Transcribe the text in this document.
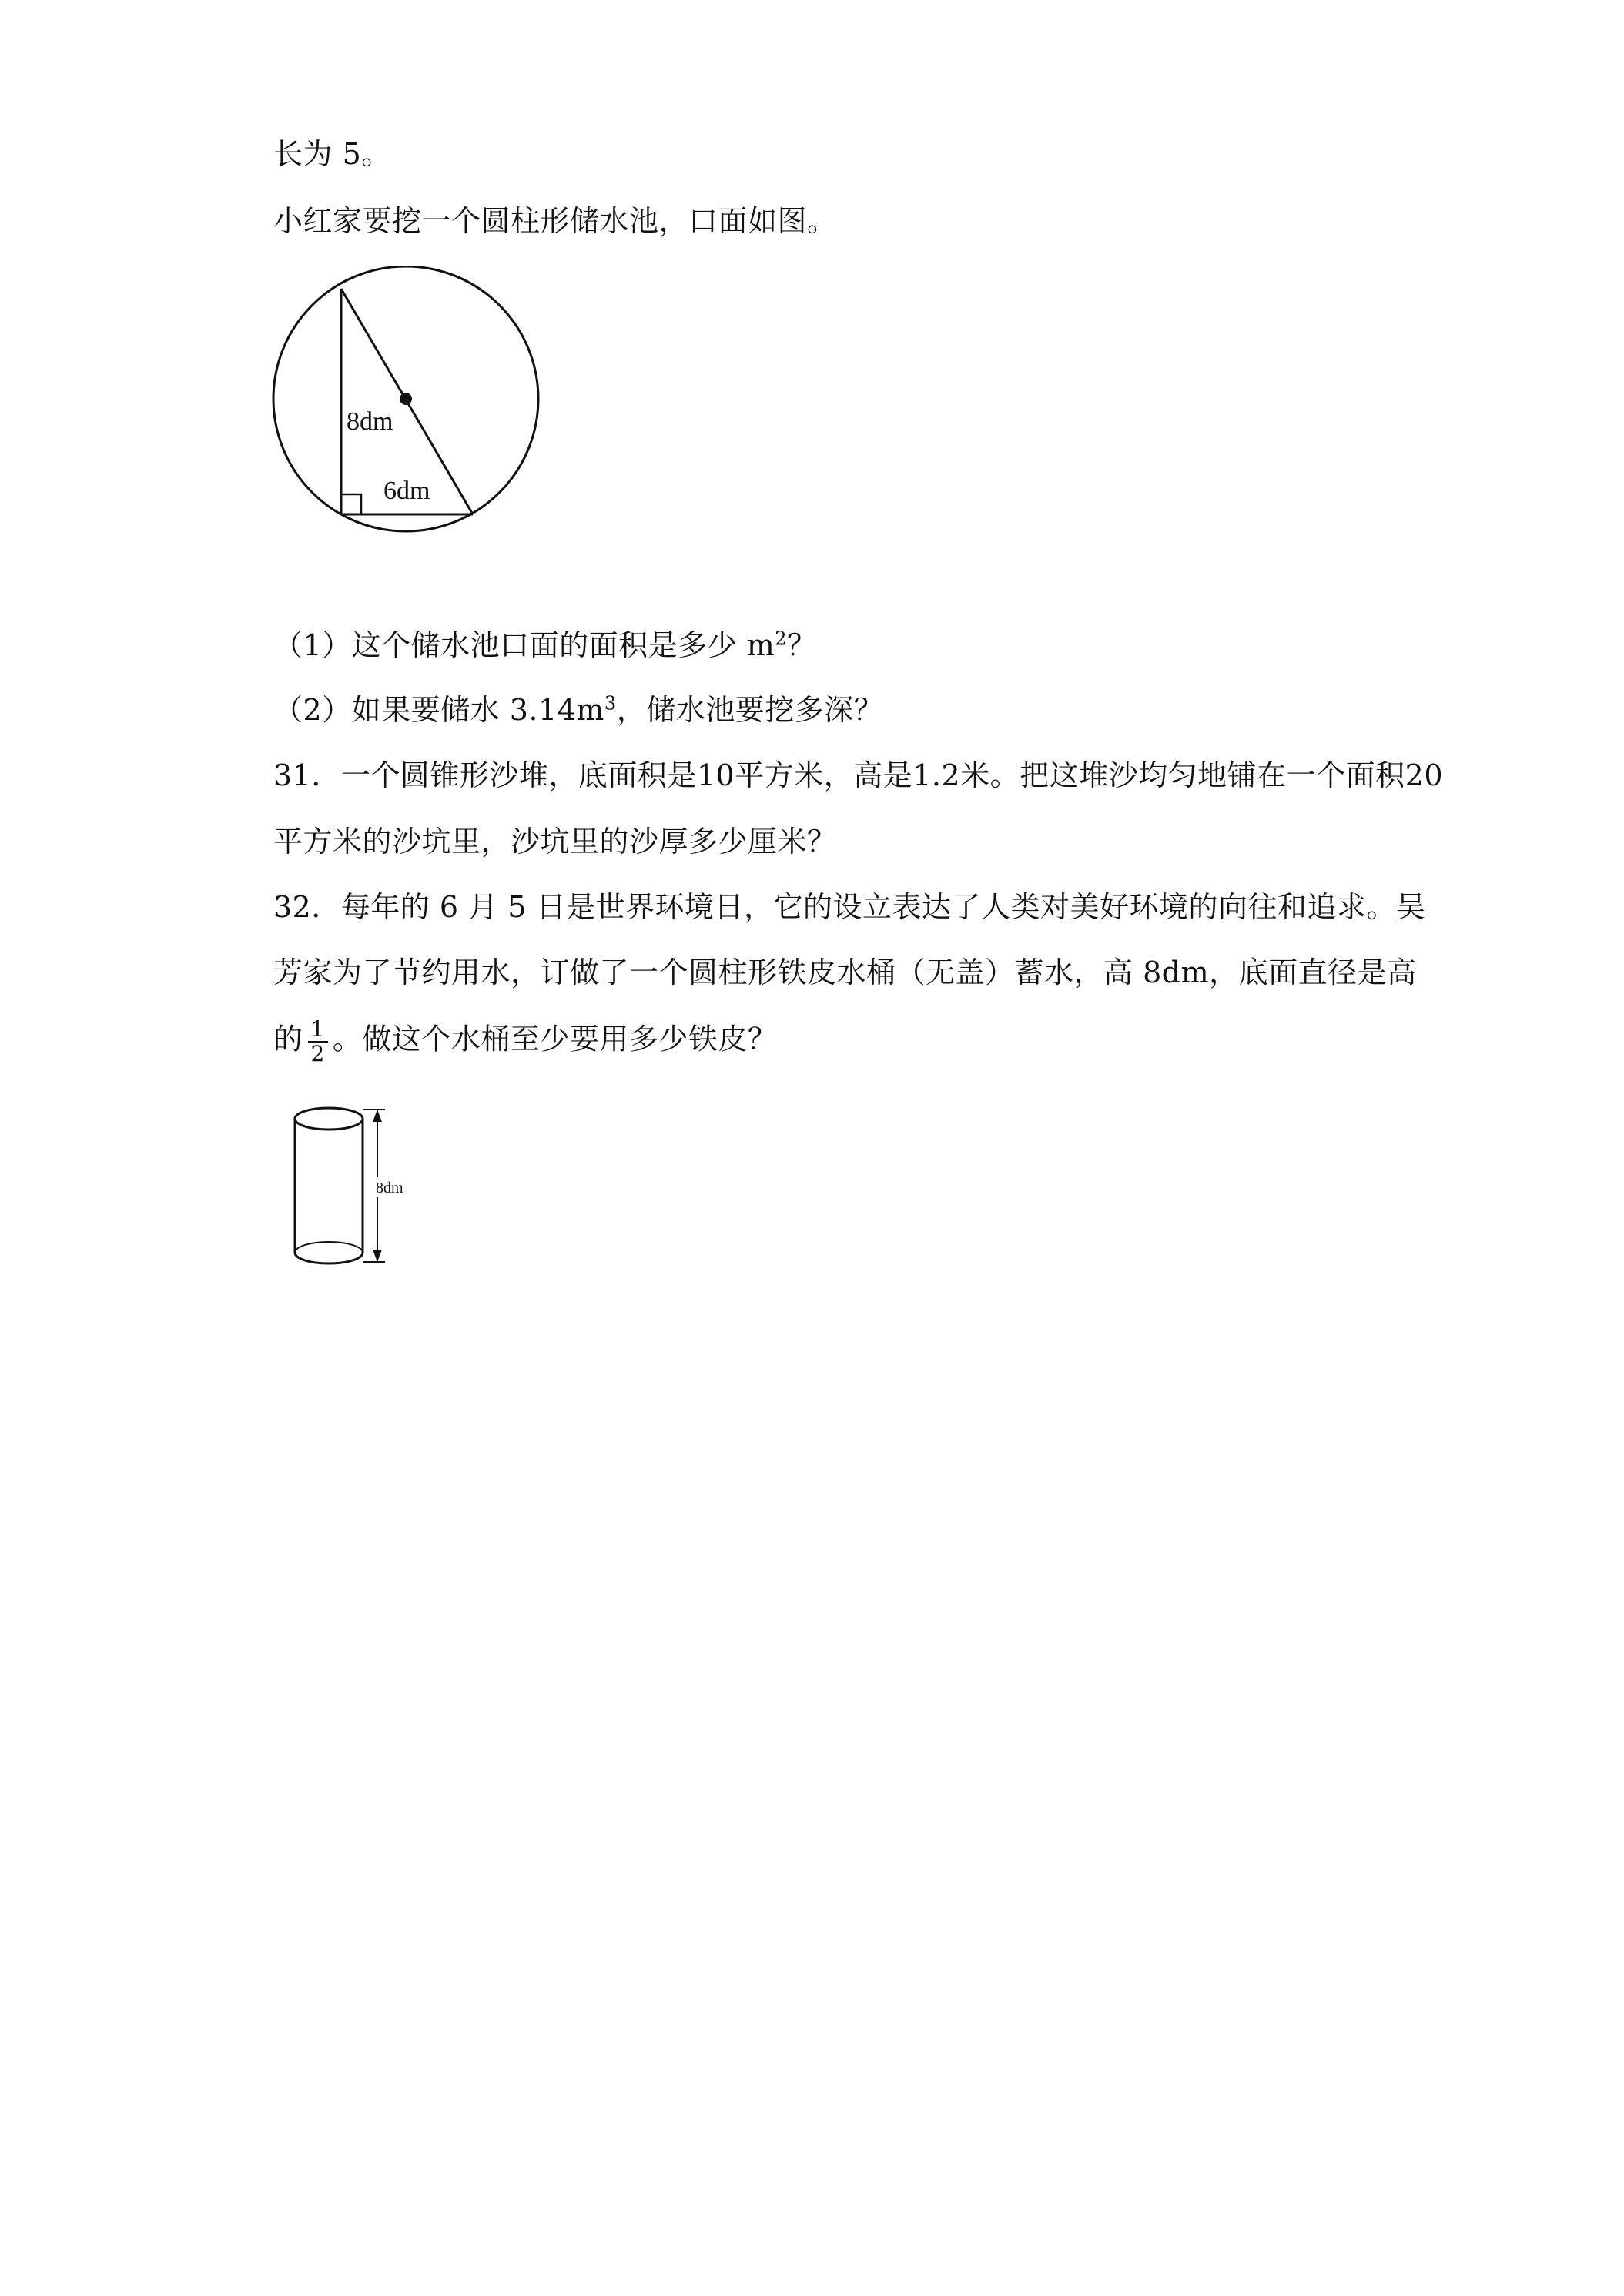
长为 5。
小红家要挖一个圆柱形储水池，口面如图。
8dm
6dm
（1）这个储水池口面的面积是多少 $m^2$？
（2）如果要储水 $3.14m^3$，储水池要挖多深？
31．一个圆锥形沙堆，底面积是10平方米，高是1.2米。把这堆沙均匀地铺在一个面积20
平方米的沙坑里，沙坑里的沙厚多少厘米？
32．每年的 6 月 5 日是世界环境日，它的设立表达了人类对美好环境的向往和追求。吴
芳家为了节约用水，订做了一个圆柱形铁皮水桶（无盖）蓄水，高 8dm，底面直径是高
的 $\frac{1}{2}$ 。做这个水桶至少要用多少铁皮？
8dm
